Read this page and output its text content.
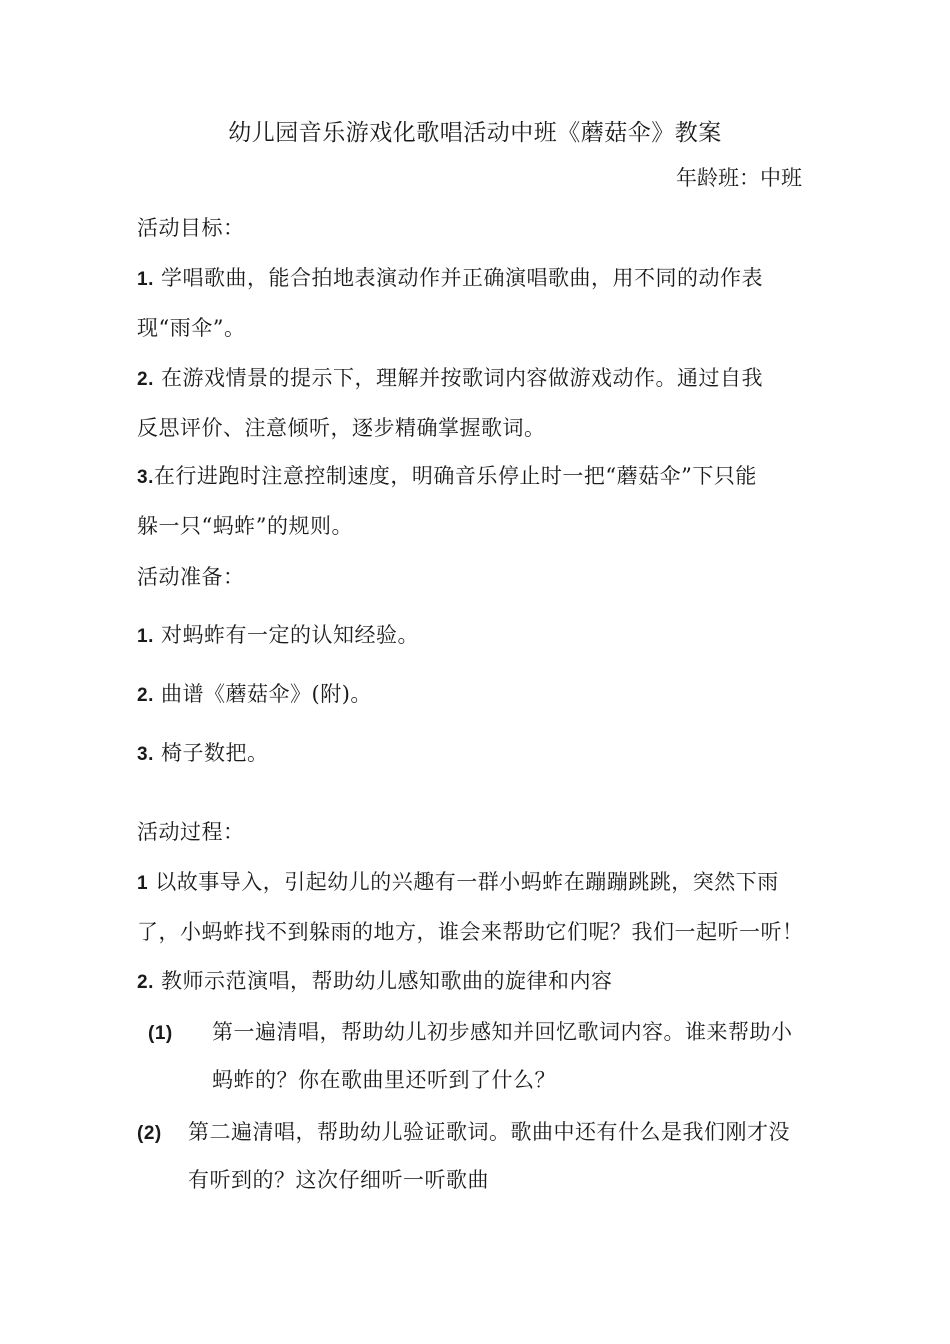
幼儿园音乐游戏化歌唱活动中班《蘑菇伞》教案
年龄班：中班
活动目标：
1. 学唱歌曲，能合拍地表演动作并正确演唱歌曲，用不同的动作表
现“雨伞”。
2. 在游戏情景的提示下，理解并按歌词内容做游戏动作。通过自我
反思评价、注意倾听，逐步精确掌握歌词。
3.在行进跑时注意控制速度，明确音乐停止时一把“蘑菇伞”下只能
躲一只“蚂蚱”的规则。
活动准备：
1. 对蚂蚱有一定的认知经验。
2. 曲谱《蘑菇伞》(附)。
3. 椅子数把。
活动过程：
1 以故事导入，引起幼儿的兴趣有一群小蚂蚱在蹦蹦跳跳，突然下雨
了，小蚂蚱找不到躲雨的地方，谁会来帮助它们呢？我们一起听一听！
2. 教师示范演唱，帮助幼儿感知歌曲的旋律和内容
(1) 第一遍清唱，帮助幼儿初步感知并回忆歌词内容。谁来帮助小
蚂蚱的？你在歌曲里还听到了什么？
(2) 第二遍清唱，帮助幼儿验证歌词。歌曲中还有什么是我们刚才没
有听到的？这次仔细听一听歌曲
